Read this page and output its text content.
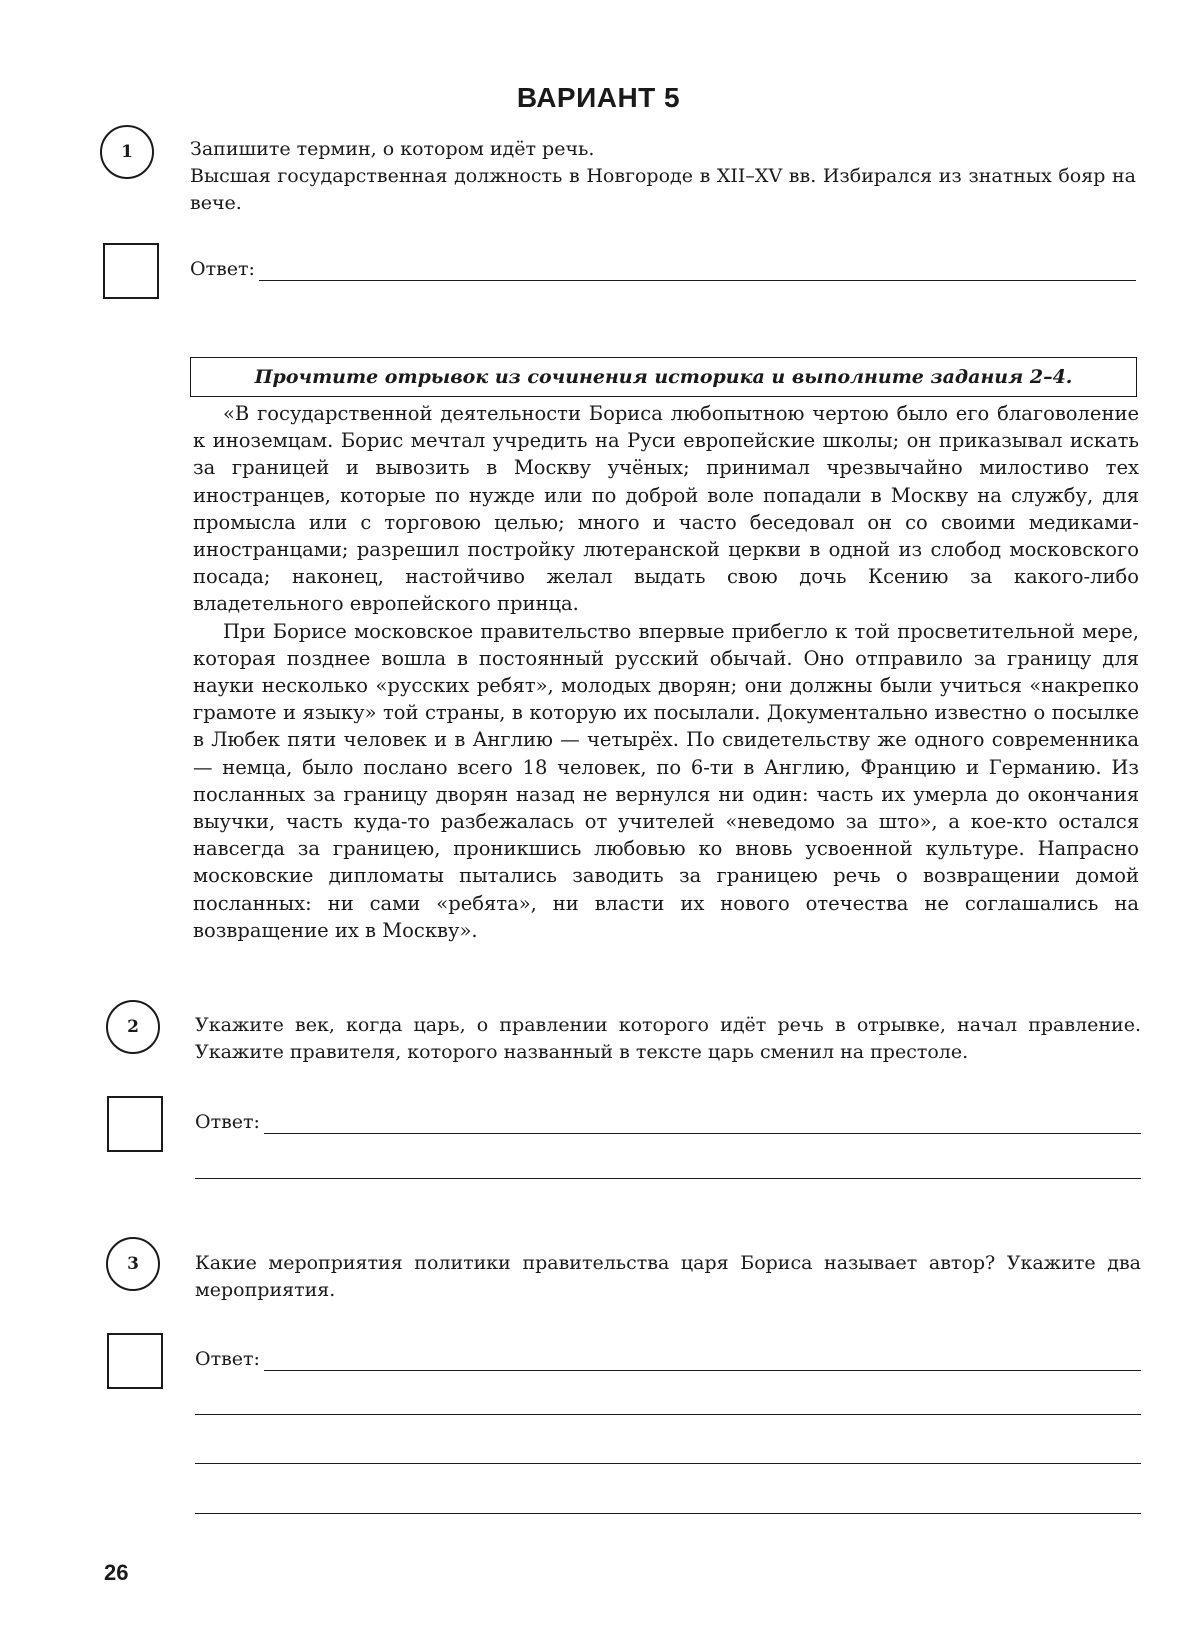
ВАРИАНТ 5
1	Запишите термин, о котором идёт речь.
Высшая государственная должность в Новгороде в XII–XV вв. Избирался из знатных бояр на вече.
Ответ:
Прочтите отрывок из сочинения историка и выполните задания 2–4.

«В государственной деятельности Бориса любопытною чертою было его благоволение к иноземцам. Борис мечтал учредить на Руси европейские школы; он приказывал искать за границей и вывозить в Москву учёных; принимал чрезвычайно милостиво тех иностранцев, которые по нужде или по доброй воле попадали в Москву на службу, для промысла или с торговою целью; много и часто беседовал он со своими медиками-иностранцами; разрешил постройку лютеранской церкви в одной из слобод московского посада; наконец, настойчиво желал выдать свою дочь Ксению за какого-либо владетельного европейского принца.

При Борисе московское правительство впервые прибегло к той просветительной мере, которая позднее вошла в постоянный русский обычай. Оно отправило за границу для науки несколько «русских ребят», молодых дворян; они должны были учиться «накрепко грамоте и языку» той страны, в которую их посылали. Документально известно о посылке в Любек пяти человек и в Англию — четырёх. По свидетельству же одного современника — немца, было послано всего 18 человек, по 6-ти в Англию, Францию и Германию. Из посланных за границу дворян назад не вернулся ни один: часть их умерла до окончания выучки, часть куда-то разбежалась от учителей «неведомо за што», а кое-кто остался навсегда за границею, проникшись любовью ко вновь усвоенной культуре. Напрасно московские дипломаты пытались заводить за границею речь о возвращении домой посланных: ни сами «ребята», ни власти их нового отечества не соглашались на возвращение их в Москву».

2	Укажите век, когда царь, о правлении которого идёт речь в отрывке, начал правление. Укажите правителя, которого названный в тексте царь сменил на престоле.
Ответ:
3	Какие мероприятия политики правительства царя Бориса называет автор? Укажите два мероприятия.
Ответ:
26
